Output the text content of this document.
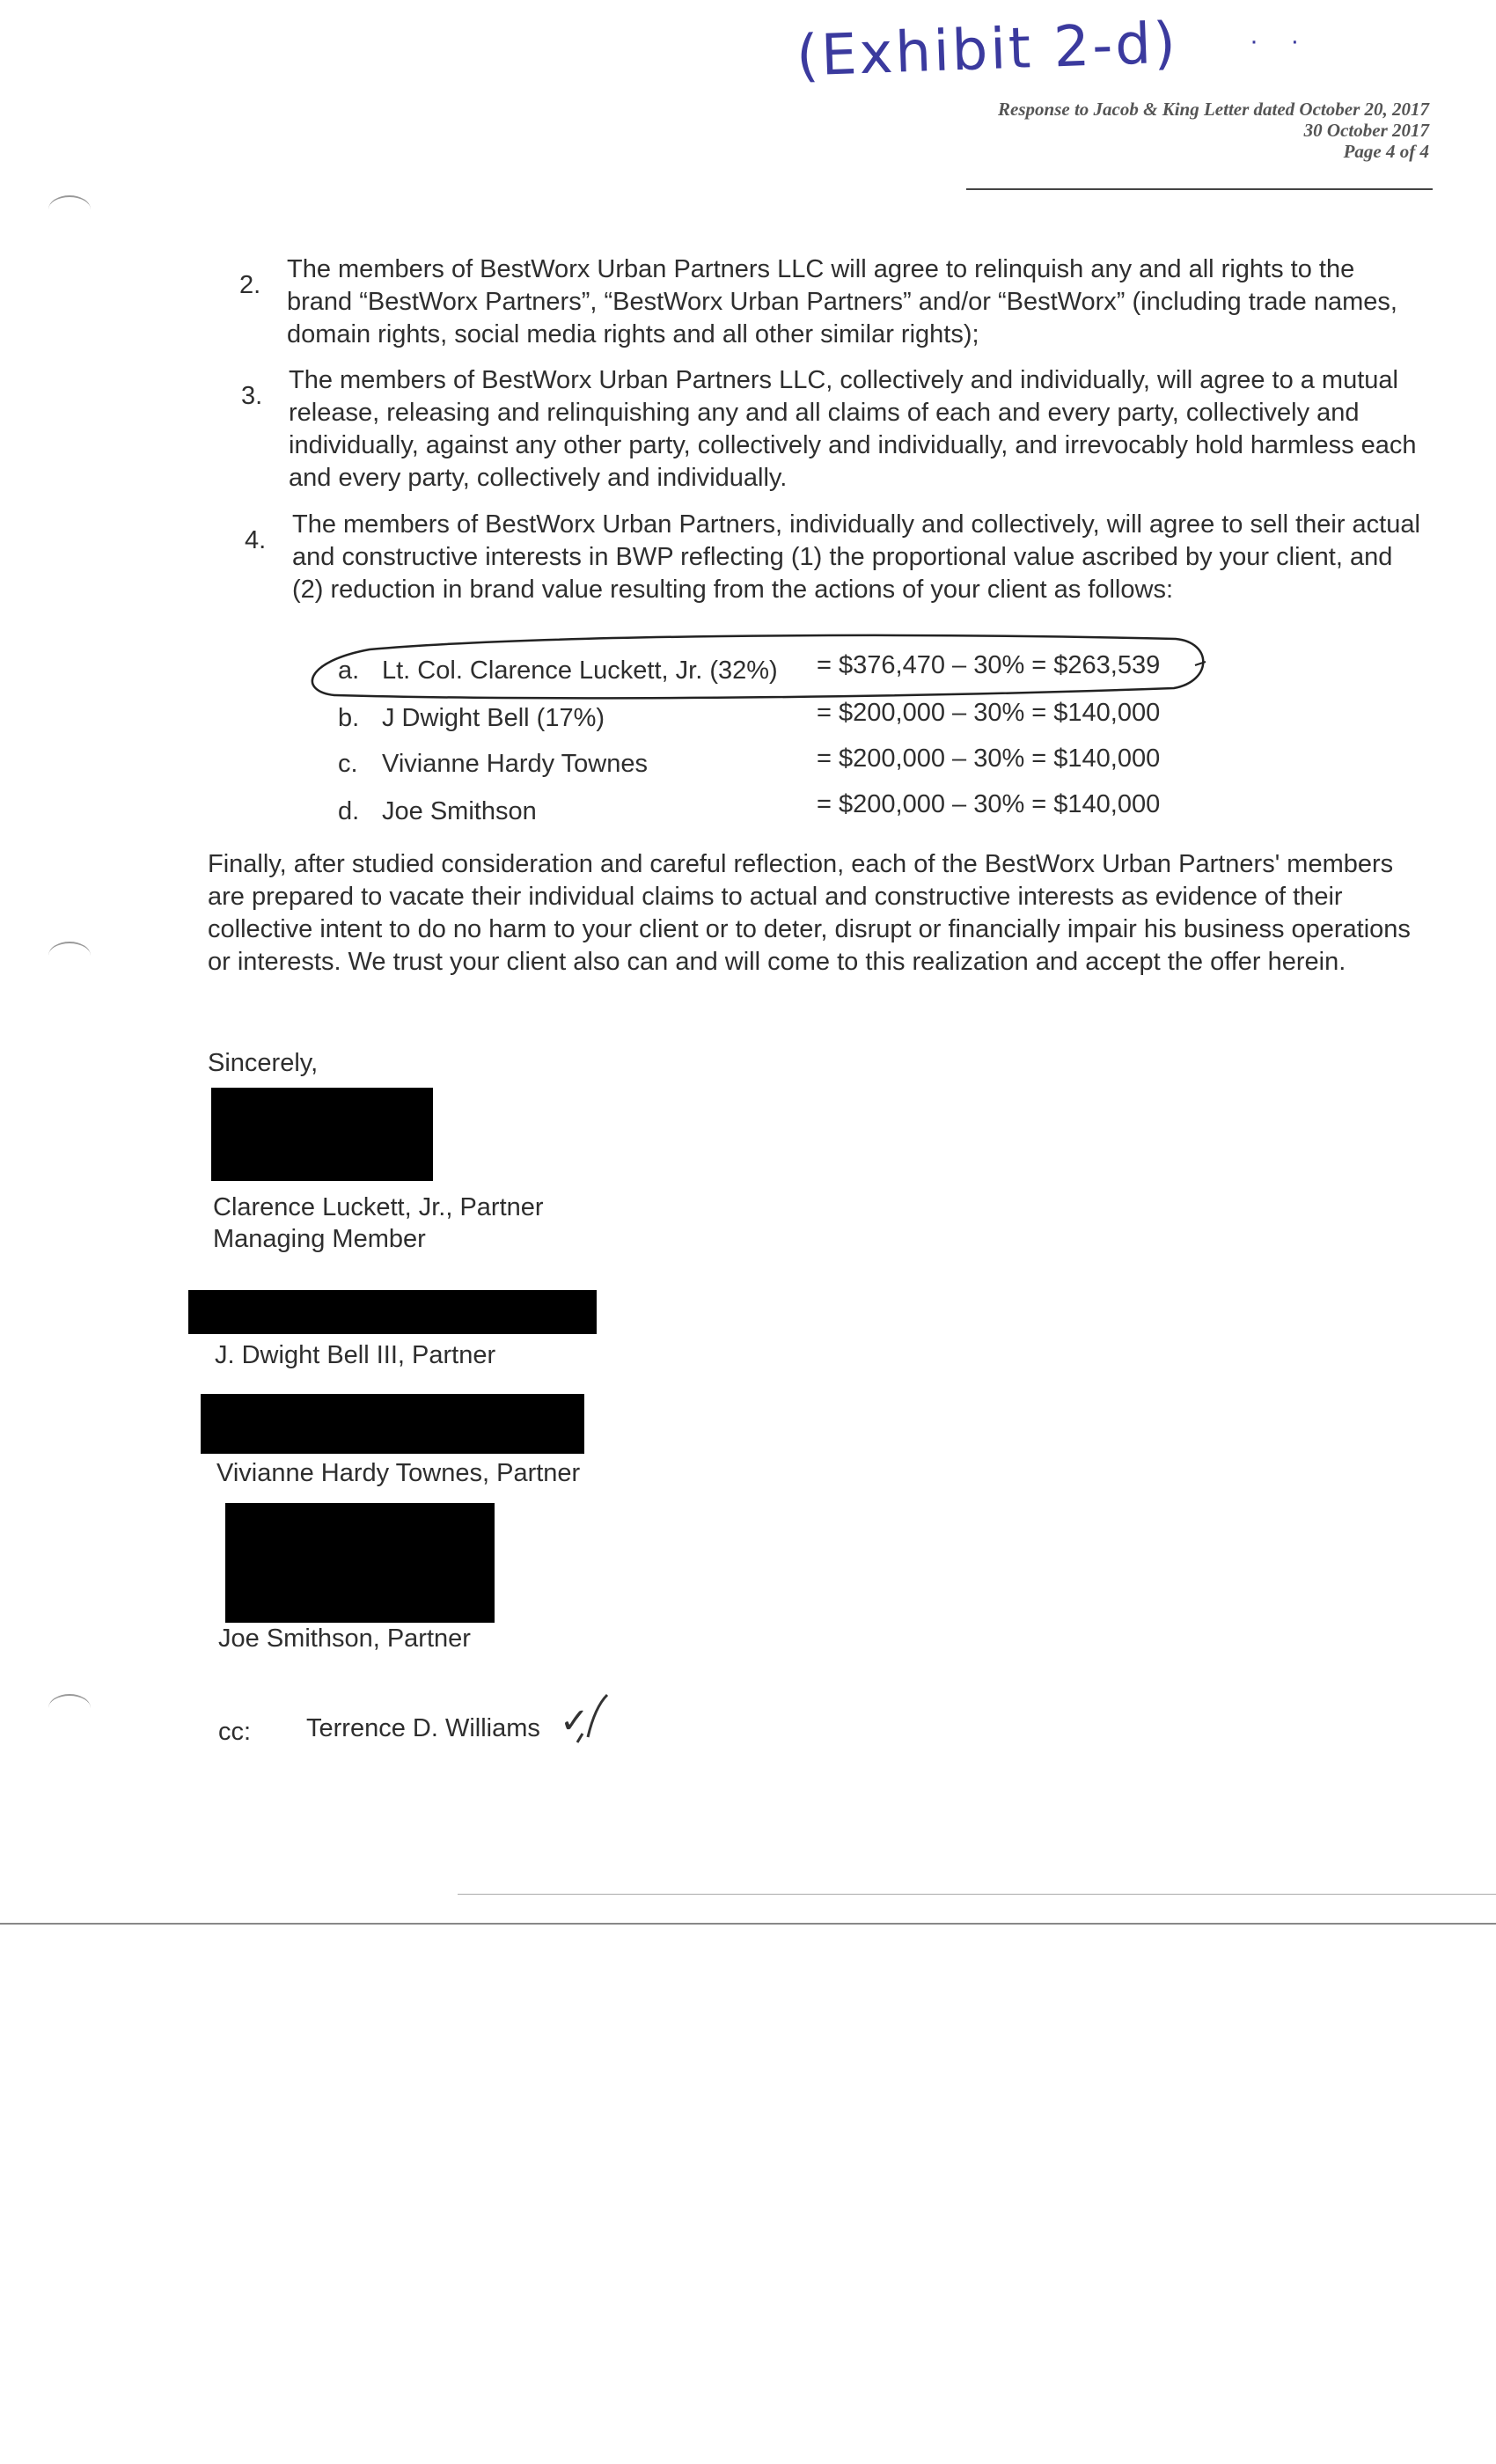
(Exhibit 2-d)	· ·
Response to Jacob & King Letter dated October 20, 2017
30 October 2017
Page 4 of 4
2.
The members of BestWorx Urban Partners LLC will agree to relinquish any and all rights to the brand “BestWorx Partners”, “BestWorx Urban Partners” and/or “BestWorx” (including trade names, domain rights, social media rights and all other similar rights);
3.
The members of BestWorx Urban Partners LLC, collectively and individually, will agree to a mutual release, releasing and relinquishing any and all claims of each and every party, collectively and individually, against any other party, collectively and individually, and irrevocably hold harmless each and every party, collectively and individually.
4.
The members of BestWorx Urban Partners, individually and collectively, will agree to sell their actual and constructive interests in BWP reflecting (1) the proportional value ascribed by your client, and (2) reduction in brand value resulting from the actions of your client as follows:
a. Lt. Col. Clarence Luckett, Jr. (32%) = $376,470 – 30% = $263,539
b. J Dwight Bell (17%)	= $200,000 – 30% = $140,000
c. Vivianne Hardy Townes	= $200,000 – 30% = $140,000
d. Joe Smithson	= $200,000 – 30% = $140,000
Finally, after studied consideration and careful reflection, each of the BestWorx Urban Partners' members are prepared to vacate their individual claims to actual and constructive interests as evidence of their collective intent to do no harm to your client or to deter, disrupt or financially impair his business operations or interests. We trust your client also can and will come to this realization and accept the offer herein.
Sincerely,
Clarence Luckett, Jr., Partner
Managing Member
J. Dwight Bell III, Partner
Vivianne Hardy Townes, Partner
Joe Smithson, Partner
cc: Terrence D. Williams ✓
